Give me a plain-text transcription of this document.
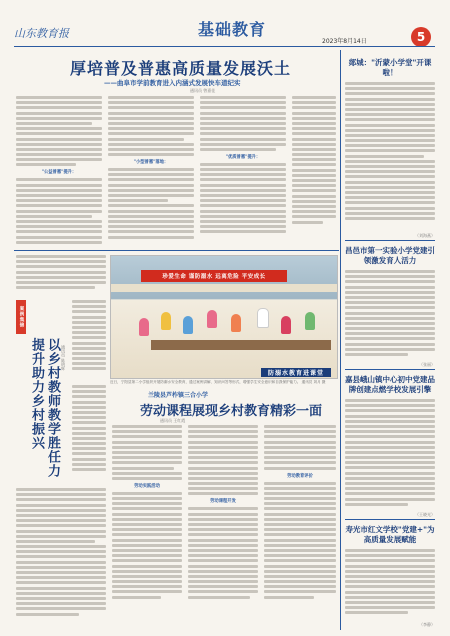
山东教育报	基础教育
2023年8月14日	5
厚培普及普惠高质量发展沃土
——曲阜市学前教育进入内涵式发展快车道纪实
通讯员 曾嘉佳
"公益普惠"提升：
"小型普惠"落地：
"优质普惠"提升：
珍爱生命 谨防溺水 远离危险 平安成长
防溺水教育进课堂
近日，宁阳县第二小学组织开展防溺水安全教育，通过案例讲解、知识问答等形式，增强学生安全意识和自我保护能力。 通讯员 刘月 摄
案例集锦
以乡村教师教学胜任力提升助力乡村振兴	通讯员 陈明辉
兰陵县芦柞镇三合小学
劳动课程展现乡村教育精彩一面
通讯员 王红霞
劳动实践活动
劳动课程开发
劳动教育评价
郯城："沂蒙小学堂"开课啦！
（刘海燕）
昌邑市第一实验小学党建引领激发育人活力
（张丽）
嘉县峨山镇中心初中党建品牌创建点燃学校发展引擎
（王晓光）
寿光市红文学校"党建+"为高质量发展赋能
（李静）
